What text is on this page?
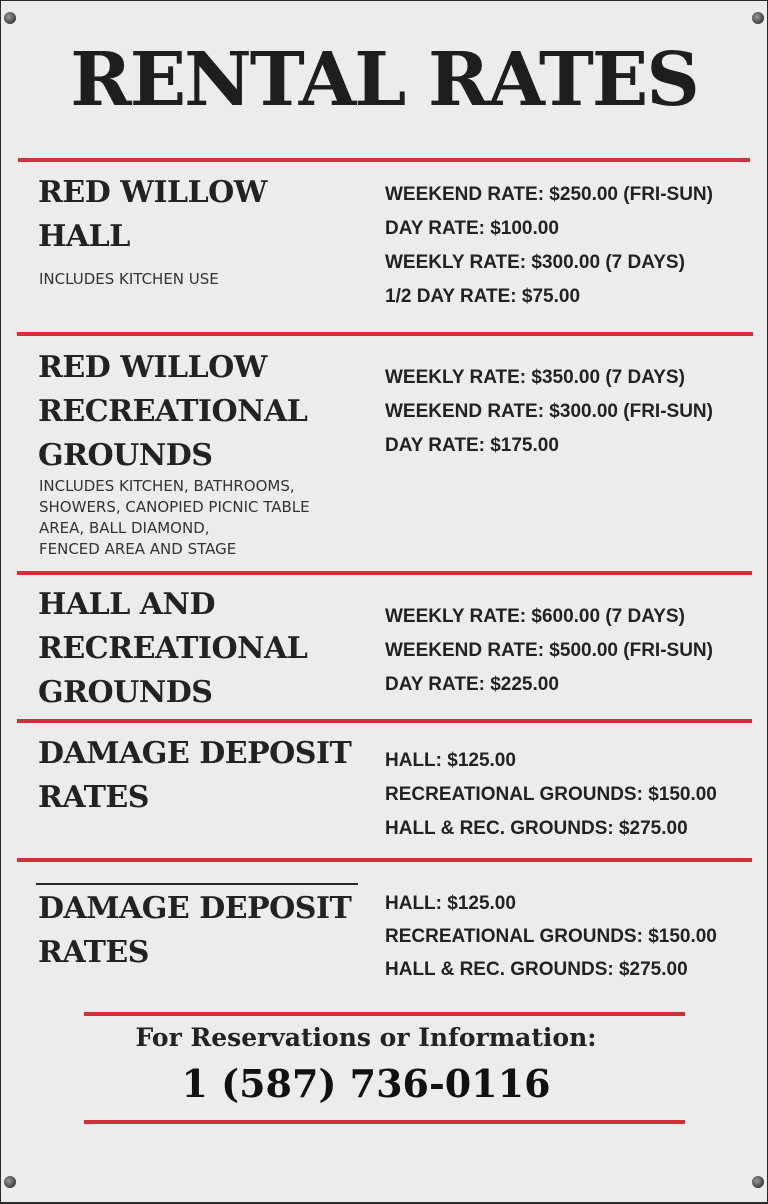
RENTAL RATES
RED WILLOW
HALL
INCLUDES KITCHEN USE
WEEKEND RATE: $250.00 (FRI-SUN)
DAY RATE: $100.00
WEEKLY RATE: $300.00 (7 DAYS)
1/2 DAY RATE: $75.00
RED WILLOW
RECREATIONAL
GROUNDS
INCLUDES KITCHEN, BATHROOMS,
SHOWERS, CANOPIED PICNIC TABLE
AREA, BALL DIAMOND,
FENCED AREA AND STAGE
WEEKLY RATE: $350.00 (7 DAYS)
WEEKEND RATE: $300.00 (FRI-SUN)
DAY RATE: $175.00
HALL AND
RECREATIONAL
GROUNDS
WEEKLY RATE: $600.00 (7 DAYS)
WEEKEND RATE: $500.00 (FRI-SUN)
DAY RATE: $225.00
DAMAGE DEPOSIT
RATES
HALL: $125.00
RECREATIONAL GROUNDS: $150.00
HALL & REC. GROUNDS: $275.00
DAMAGE DEPOSIT
RATES
HALL: $125.00
RECREATIONAL GROUNDS: $150.00
HALL & REC. GROUNDS: $275.00
For Reservations or Information:
1 (587) 736-0116
